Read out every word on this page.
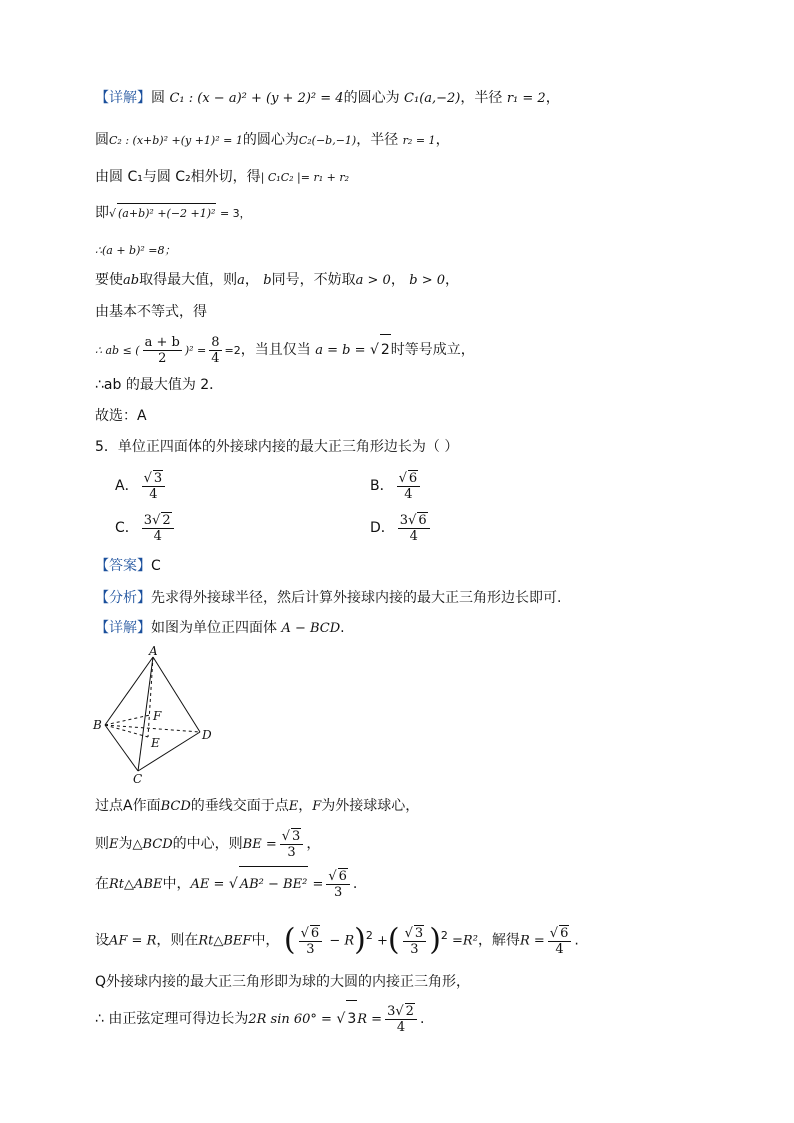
【详解】圆 C₁ : (x − a)² + (y + 2)² = 4的圆心为 C₁(a,−2)，半径 r₁ = 2，
圆C₂ : (x+b)² +(y +1)² = 1的圆心为C₂(−b,−1)，半径 r₂ = 1，
由圆 C₁与圆 C₂相外切，得| C₁C₂ |= r₁ + r₂
即√ (a+b)² +(−2 +1)² = 3，
∴(a + b)² =8；
要使ab取得最大值，则a， b同号，不妨取a > 0， b > 0，
由基本不等式，得
∴ ab ≤ ( $\frac{a + b}{2} )^2 = \frac{8}{4} =2$，当且仅当 a = b = √ 2时等号成立，
∴ab 的最大值为 2．
故选：A
5．单位正四面体的外接球内接的最大正三角形边长为（ ）
A． $\frac{√ 3}{4}$	B． $\frac{√ 6}{4}$
C． $\frac{3√ 2}{4}$	D． $\frac{3√ 6}{4}$
【答案】C
【分析】先求得外接球半径，然后计算外接球内接的最大正三角形边长即可.
【详解】如图为单位正四面体 A − BCD.
A
B
C
D
E
F
过点A作面BCD的垂线交面于点E，F为外接球球心，
则E为△BCD的中心，则BE = $\frac{√ 3}{3}$ ，
在Rt△ABE中，AE = √ $AB^2 - BE^2 = \frac{√ 6}{3}$ .
设AF = R，则在Rt△BEF中， ( $\frac{√ 6}{3} - R)^2$ +( $\frac{√ 3}{3} )^2 =R^2$，解得$R = \frac{√ 6}{4}$ .
Q外接球内接的最大正三角形即为球的大圆的内接正三角形，
∴ 由正弦定理可得边长为2R sin 60° = √ $3R = \frac{3√ 2}{4}$ .
